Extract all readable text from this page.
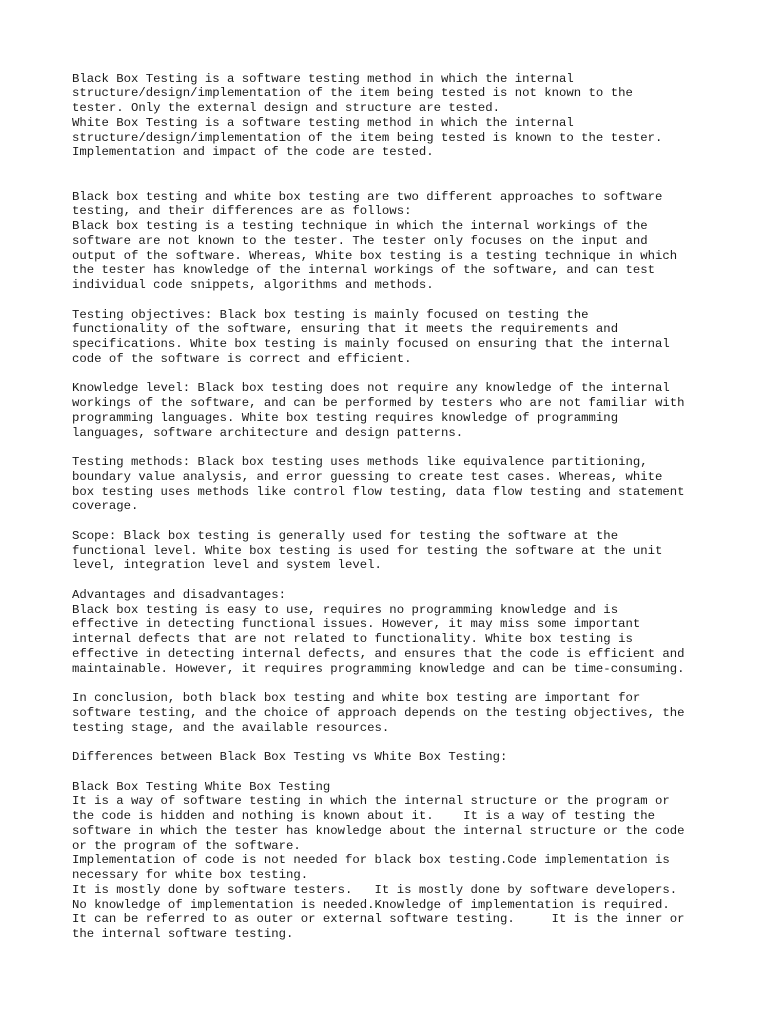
Black Box Testing is a software testing method in which the internal
structure/design/implementation of the item being tested is not known to the
tester. Only the external design and structure are tested.
White Box Testing is a software testing method in which the internal
structure/design/implementation of the item being tested is known to the tester.
Implementation and impact of the code are tested.
Black box testing and white box testing are two different approaches to software
testing, and their differences are as follows:
Black box testing is a testing technique in which the internal workings of the
software are not known to the tester. The tester only focuses on the input and
output of the software. Whereas, White box testing is a testing technique in which
the tester has knowledge of the internal workings of the software, and can test
individual code snippets, algorithms and methods.
Testing objectives: Black box testing is mainly focused on testing the
functionality of the software, ensuring that it meets the requirements and
specifications. White box testing is mainly focused on ensuring that the internal
code of the software is correct and efficient.
Knowledge level: Black box testing does not require any knowledge of the internal
workings of the software, and can be performed by testers who are not familiar with
programming languages. White box testing requires knowledge of programming
languages, software architecture and design patterns.
Testing methods: Black box testing uses methods like equivalence partitioning,
boundary value analysis, and error guessing to create test cases. Whereas, white
box testing uses methods like control flow testing, data flow testing and statement
coverage.
Scope: Black box testing is generally used for testing the software at the
functional level. White box testing is used for testing the software at the unit
level, integration level and system level.
Advantages and disadvantages:
Black box testing is easy to use, requires no programming knowledge and is
effective in detecting functional issues. However, it may miss some important
internal defects that are not related to functionality. White box testing is
effective in detecting internal defects, and ensures that the code is efficient and
maintainable. However, it requires programming knowledge and can be time-consuming.
In conclusion, both black box testing and white box testing are important for
software testing, and the choice of approach depends on the testing objectives, the
testing stage, and the available resources.
Differences between Black Box Testing vs White Box Testing:
Black Box Testing White Box Testing
It is a way of software testing in which the internal structure or the program or
the code is hidden and nothing is known about it.    It is a way of testing the
software in which the tester has knowledge about the internal structure or the code
or the program of the software.
Implementation of code is not needed for black box testing.Code implementation is
necessary for white box testing.
It is mostly done by software testers.   It is mostly done by software developers.
No knowledge of implementation is needed.Knowledge of implementation is required.
It can be referred to as outer or external software testing.     It is the inner or
the internal software testing.
